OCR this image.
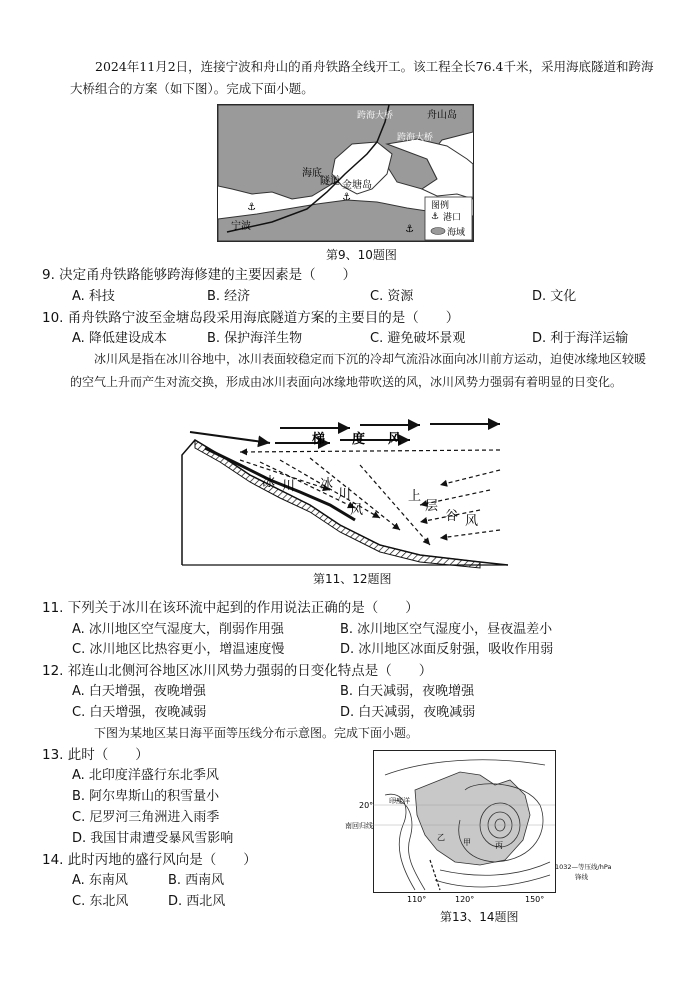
2024年11月2日，连接宁波和舟山的甬舟铁路全线开工。该工程全长76.4千米，采用海底隧道和跨海大桥组合的方案（如下图）。完成下面小题。
⚓
⚓
⚓
⚓
跨海大桥
跨海大桥
海底
隧道 金塘岛
舟山岛
宁波
图例
港口
海域
第9、10题图
9. 决定甬舟铁路能够跨海修建的主要因素是（　　）
A. 科技	B. 经济	C. 资源	D. 文化
10. 甬舟铁路宁波至金塘岛段采用海底隧道方案的主要目的是（　　）
A. 降低建设成本	B. 保护海洋生物	C. 避免破坏景观	D. 利于海洋运输
冰川风是指在冰川谷地中，冰川表面较稳定而下沉的冷却气流沿冰面向冰川前方运动，迫使冰缘地区较暖的空气上升而产生对流交换，形成由冰川表面向冰缘地带吹送的风，冰川风势力强弱有着明显的日变化。
梯 度 风
冰 川 冰
川
风
上
层
谷 风
第11、12题图
11. 下列关于冰川在该环流中起到的作用说法正确的是（　　）
A. 冰川地区空气湿度大，削弱作用强	B. 冰川地区空气湿度小，昼夜温差小
C. 冰川地区比热容更小，增温速度慢	D. 冰川地区冰面反射强，吸收作用弱
12. 祁连山北侧河谷地区冰川风势力强弱的日变化特点是（　　）
A. 白天增强，夜晚增强	B. 白天减弱，夜晚增强
C. 白天增强，夜晚减弱	D. 白天减弱，夜晚减弱
下图为某地区某日海平面等压线分布示意图。完成下面小题。
13. 此时（　　）
A. 北印度洋盛行东北季风
B. 阿尔卑斯山的积雪量小
C. 尼罗河三角洲进入雨季
D. 我国甘肃遭受暴风雪影响
14. 此时丙地的盛行风向是（　　）
A. 东南风	B. 西南风
C. 东北风	D. 西北风
20°
南回归线
印度洋
甲
乙
丙
110°	120°	150°
1032—等压线/hPa
锋线
第13、14题图
